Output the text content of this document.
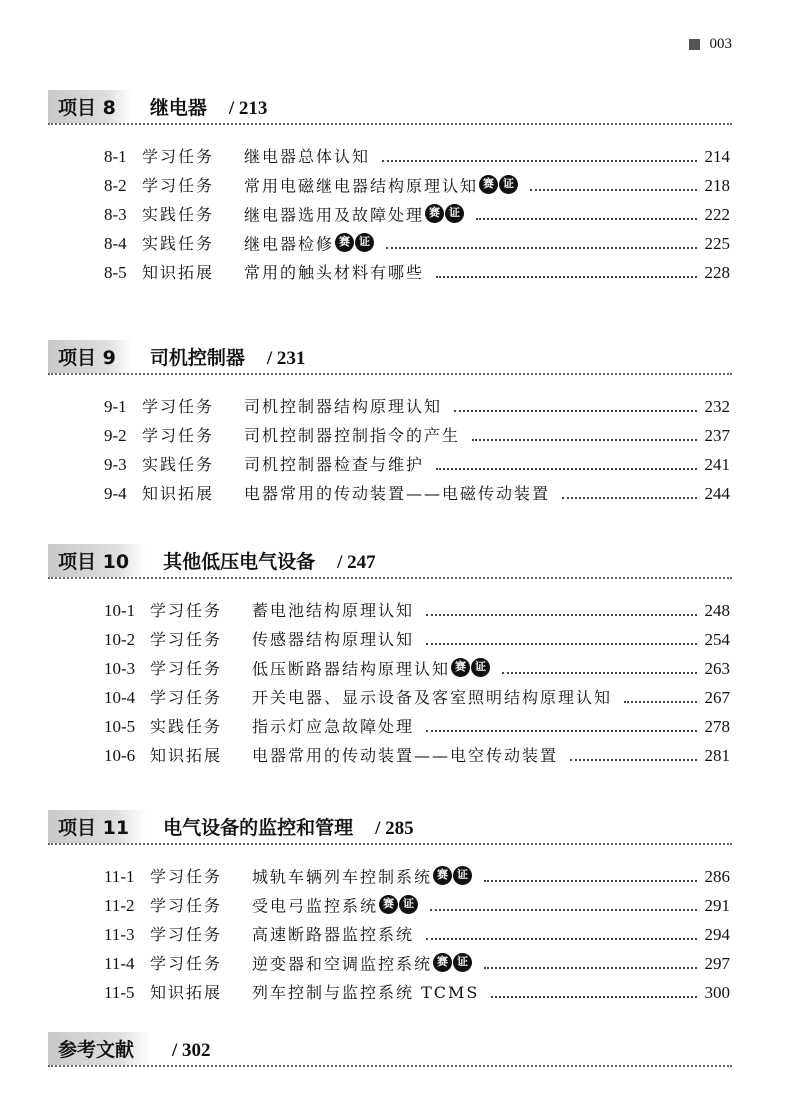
003
项目 8	继电器 / 213
8-1 学习任务	继电器总体认知	214
8-2 学习任务	常用电磁继电器结构原理认知 赛 证	218
8-3 实践任务	继电器选用及故障处理 赛 证	222
8-4 实践任务	继电器检修 赛 证	225
8-5 知识拓展	常用的触头材料有哪些	228
项目 9	司机控制器 / 231
9-1 学习任务	司机控制器结构原理认知	232
9-2 学习任务	司机控制器控制指令的产生	237
9-3 实践任务	司机控制器检查与维护	241
9-4 知识拓展	电器常用的传动装置——电磁传动装置	244
项目 10	其他低压电气设备 / 247
10-1 学习任务	蓄电池结构原理认知	248
10-2 学习任务	传感器结构原理认知	254
10-3 学习任务	低压断路器结构原理认知 赛 证	263
10-4 学习任务	开关电器、显示设备及客室照明结构原理认知	267
10-5 实践任务	指示灯应急故障处理	278
10-6 知识拓展	电器常用的传动装置——电空传动装置	281
项目 11	电气设备的监控和管理 / 285
11-1 学习任务	城轨车辆列车控制系统 赛 证	286
11-2 学习任务	受电弓监控系统 赛 证	291
11-3 学习任务	高速断路器监控系统	294
11-4 学习任务	逆变器和空调监控系统 赛 证	297
11-5 知识拓展	列车控制与监控系统 TCMS	300
参考文献	/ 302
